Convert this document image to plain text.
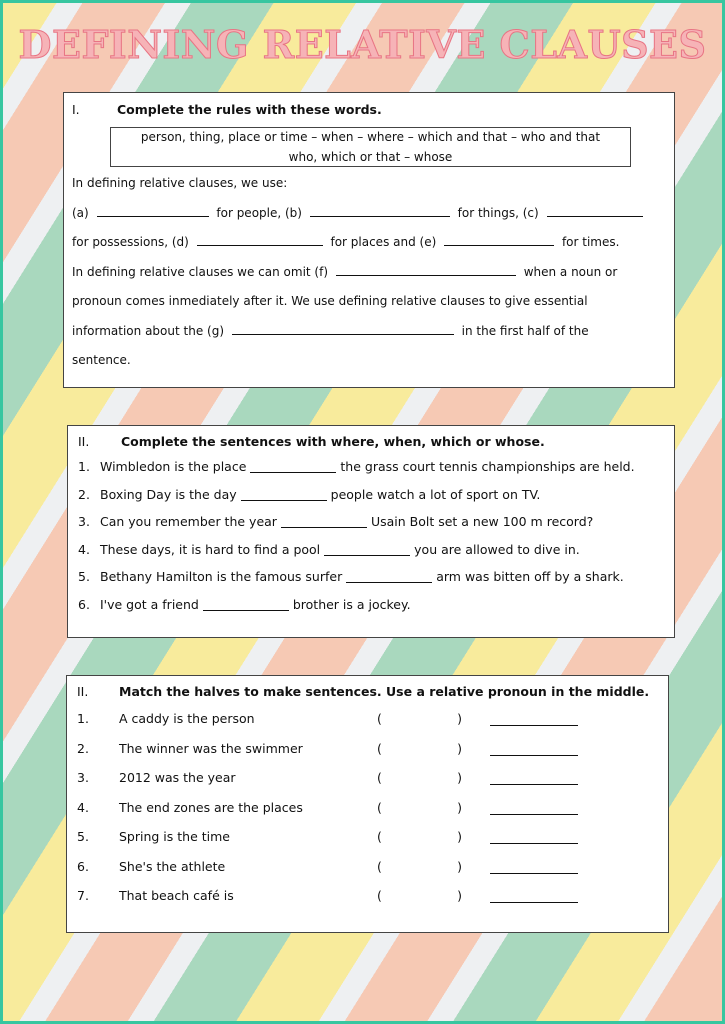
DEFINING RELATIVE CLAUSES
I.	Complete the rules with these words.
person, thing, place or time – when – where – which and that – who and that
who, which or that – whose
In defining relative clauses, we use:
(a)	for people, (b)	for things, (c)
for possessions, (d)	for places and (e)	for times.
In defining relative clauses we can omit (f)	when a noun or
pronoun comes inmediately after it. We use defining relative clauses to give essential
information about the (g)	in the first half of the
sentence.
II.	Complete the sentences with where, when, which or whose.
1. Wimbledon is the place	the grass court tennis championships are held.
2. Boxing Day is the day	people watch a lot of sport on TV.
3. Can you remember the year	Usain Bolt set a new 100 m record?
4. These days, it is hard to find a pool	you are allowed to dive in.
5. Bethany Hamilton is the famous surfer	arm was bitten off by a shark.
6. I've got a friend	brother is a jockey.
II.	Match the halves to make sentences. Use a relative pronoun in the middle.
1.	A caddy is the person	(	)
2.	The winner was the swimmer	(	)
3.	2012 was the year	(	)
4.	The end zones are the places	(	)
5.	Spring is the time	(	)
6.	She's the athlete	(	)
7.	That beach café is	(	)
